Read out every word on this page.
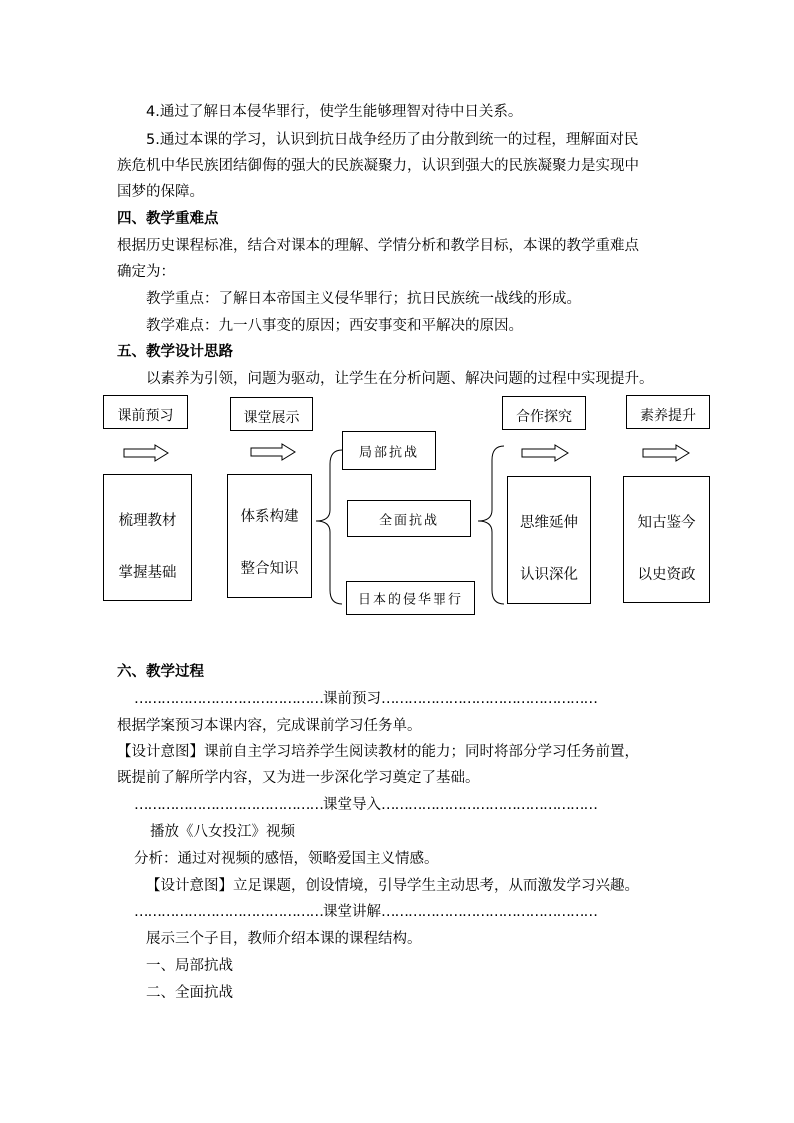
4.通过了解日本侵华罪行，使学生能够理智对待中日关系。
5.通过本课的学习，认识到抗日战争经历了由分散到统一的过程，理解面对民
族危机中华民族团结御侮的强大的民族凝聚力，认识到强大的民族凝聚力是实现中
国梦的保障。
四、教学重难点
根据历史课程标准，结合对课本的理解、学情分析和教学目标，本课的教学重难点
确定为：
教学重点：了解日本帝国主义侵华罪行；抗日民族统一战线的形成。
教学难点：九一八事变的原因；西安事变和平解决的原因。
五、教学设计思路
以素养为引领，问题为驱动，让学生在分析问题、解决问题的过程中实现提升。
课前预习	课堂展示	合作探究	素养提升
梳理教材
掌握基础
体系构建
整合知识
思维延伸
认识深化
知古鉴今
以史资政
局部抗战
全面抗战
日本的侵华罪行
六、教学过程
……………………………………课前预习…………………………………………
根据学案预习本课内容，完成课前学习任务单。
【设计意图】课前自主学习培养学生阅读教材的能力；同时将部分学习任务前置，
既提前了解所学内容，又为进一步深化学习奠定了基础。
……………………………………课堂导入…………………………………………
播放《八女投江》视频
分析：通过对视频的感悟，领略爱国主义情感。
【设计意图】立足课题，创设情境，引导学生主动思考，从而激发学习兴趣。
……………………………………课堂讲解…………………………………………
展示三个子目，教师介绍本课的课程结构。
一、局部抗战
二、全面抗战
